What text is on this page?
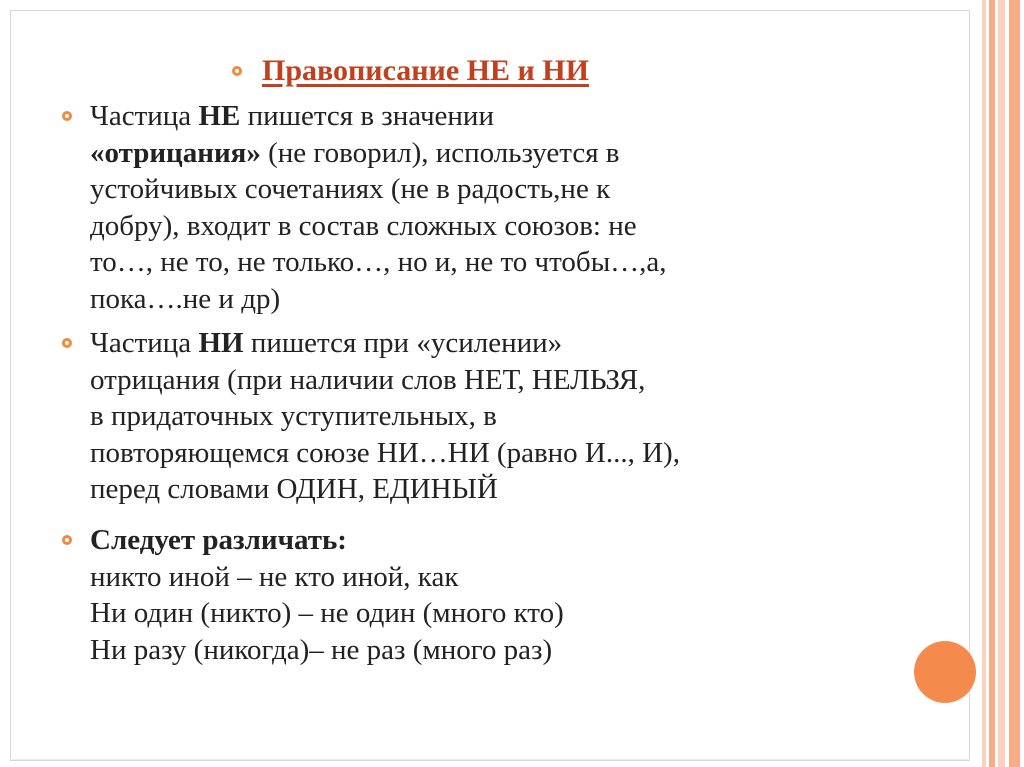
Правописание НЕ и НИ
Частица НЕ пишется в значении
«отрицания» (не говорил), используется в
устойчивых сочетаниях (не в радость,не к
добру), входит в состав сложных союзов: не
то…, не то, не только…, но и, не то чтобы…,а,
пока….не и др)
Частица НИ пишется при «усилении»
отрицания (при наличии слов НЕТ, НЕЛЬЗЯ,
в придаточных уступительных, в
повторяющемся союзе НИ…НИ (равно И..., И),
перед словами ОДИН, ЕДИНЫЙ
Следует различать:
никто иной – не кто иной, как
Ни один (никто) – не один (много кто)
Ни разу (никогда)– не раз (много раз)
